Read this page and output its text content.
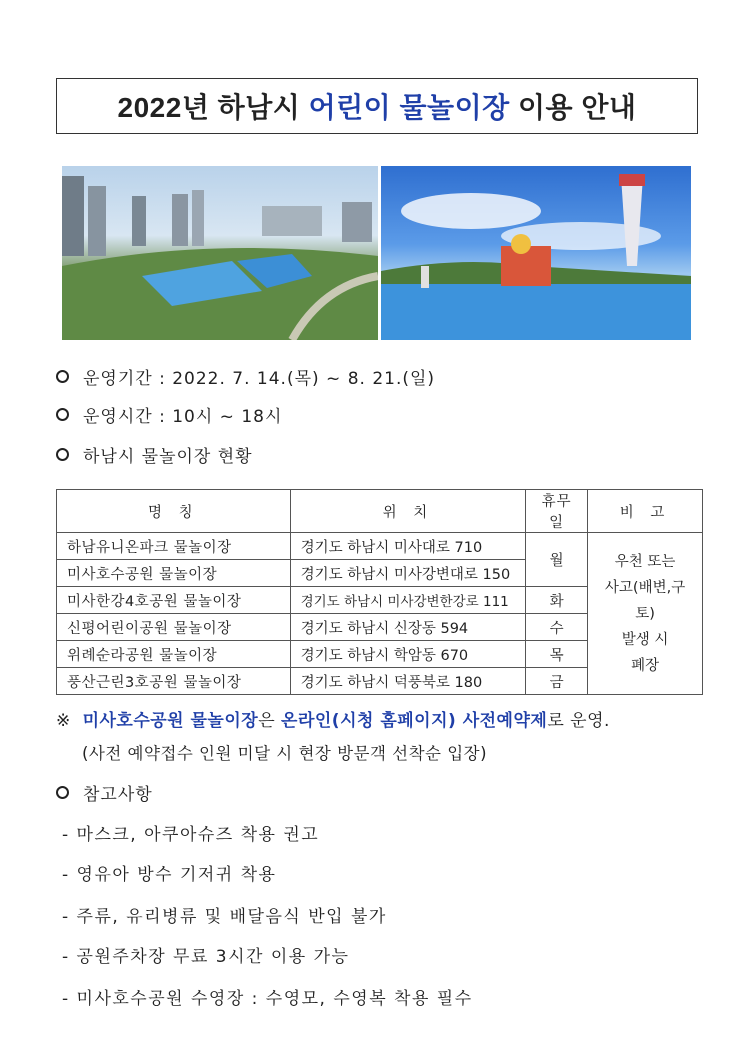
2022년 하남시
어린이 물놀이장
이용 안내
운영기간 : 2022. 7. 14.(목) ~ 8. 21.(일)
운영시간 : 10시 ~ 18시
하남시 물놀이장 현황
명 칭	위 치	휴무일	비 고
하남유니온파크 물놀이장	경기도 하남시 미사대로 710	월	우천 또는
사고(배변,구토)
발생 시
폐장

미사호수공원 물놀이장	경기도 하남시 미사강변대로 150		
미사한강4호공원 물놀이장	경기도 하남시 미사강변한강로 111	화	
신평어린이공원 물놀이장	경기도 하남시 신장동 594	수	
위례순라공원 물놀이장	경기도 하남시 학암동 670	목	
풍산근린3호공원 물놀이장	경기도 하남시 덕풍북로 180	금	
※ 미사호수공원 물놀이장은 온라인(시청 홈페이지) 사전예약제로 운영.
(사전 예약접수 인원 미달 시 현장 방문객 선착순 입장)
참고사항
- 마스크, 아쿠아슈즈 착용 권고
- 영유아 방수 기저귀 착용
- 주류, 유리병류 및 배달음식 반입 불가
- 공원주차장 무료 3시간 이용 가능
- 미사호수공원 수영장 : 수영모, 수영복 착용 필수
